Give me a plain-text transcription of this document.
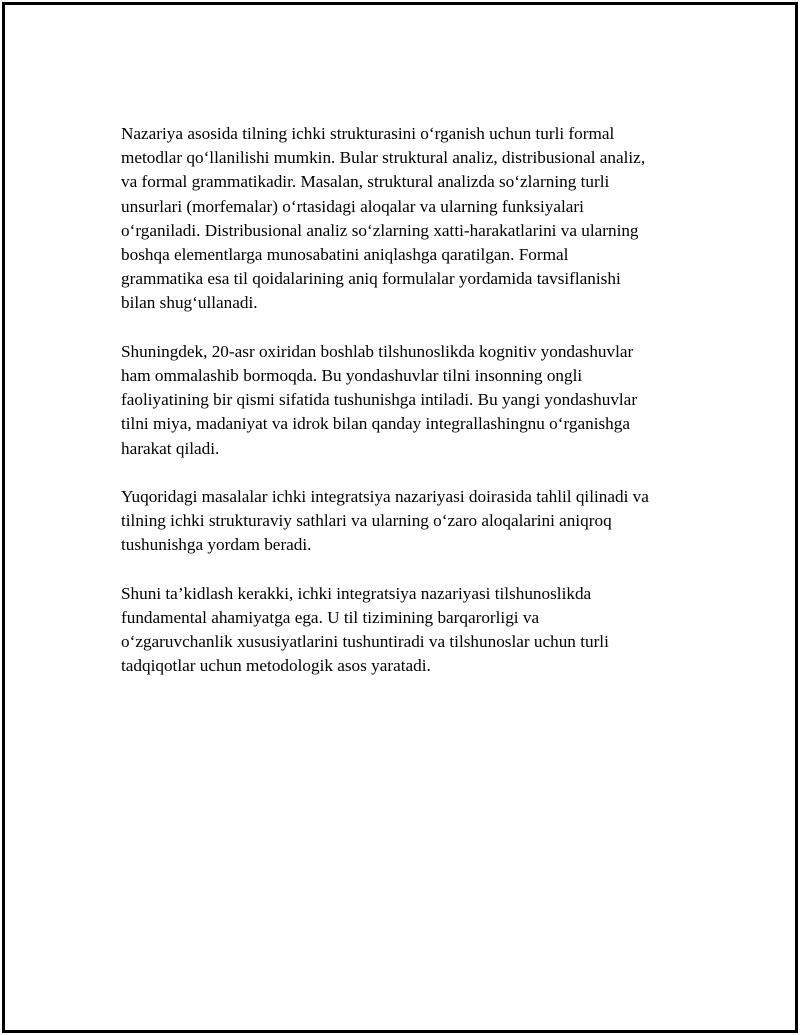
Nazariya asosida tilning ichki strukturasini o‘rganish uchun turli formal
metodlar qo‘llanilishi mumkin. Bular struktural analiz, distribusional analiz,
va formal grammatikadir. Masalan, struktural analizda so‘zlarning turli
unsurlari (morfemalar) o‘rtasidagi aloqalar va ularning funksiyalari
o‘rganiladi. Distribusional analiz so‘zlarning xatti-harakatlarini va ularning
boshqa elementlarga munosabatini aniqlashga qaratilgan. Formal
grammatika esa til qoidalarining aniq formulalar yordamida tavsiflanishi
bilan shug‘ullanadi.

Shuningdek, 20-asr oxiridan boshlab tilshunoslikda kognitiv yondashuvlar
ham ommalashib bormoqda. Bu yondashuvlar tilni insonning ongli
faoliyatining bir qismi sifatida tushunishga intiladi. Bu yangi yondashuvlar
tilni miya, madaniyat va idrok bilan qanday integrallashingnu o‘rganishga
harakat qiladi.

Yuqoridagi masalalar ichki integratsiya nazariyasi doirasida tahlil qilinadi va
tilning ichki strukturaviy sathlari va ularning o‘zaro aloqalarini aniqroq
tushunishga yordam beradi.

Shuni ta’kidlash kerakki, ichki integratsiya nazariyasi tilshunoslikda
fundamental ahamiyatga ega. U til tizimining barqarorligi va
o‘zgaruvchanlik xususiyatlarini tushuntiradi va tilshunoslar uchun turli
tadqiqotlar uchun metodologik asos yaratadi.
